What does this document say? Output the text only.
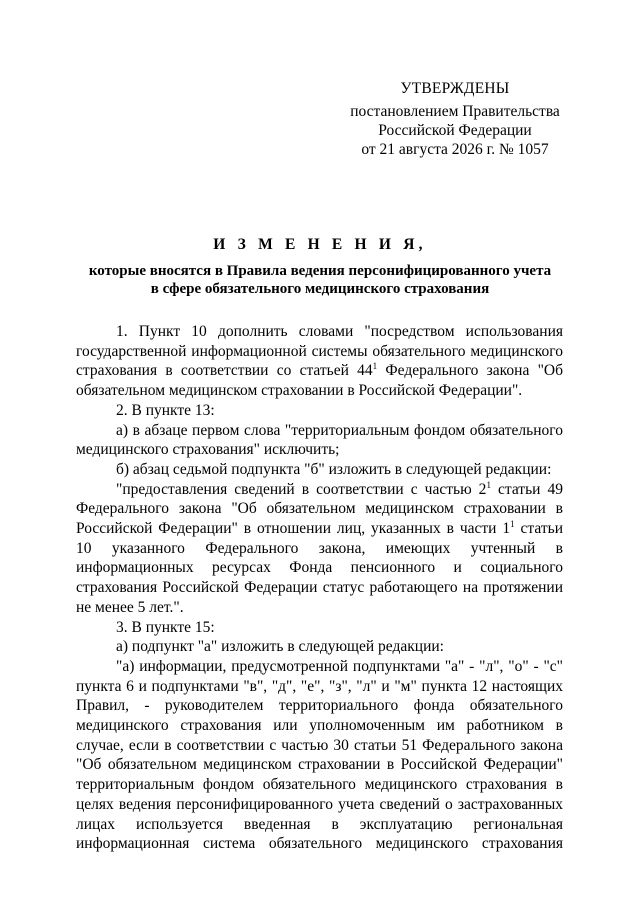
УТВЕРЖДЕНЫ
постановлением Правительства
Российской Федерации
от 21 августа 2026 г. № 1057
И З М Е Н Е Н И Я,
которые вносятся в Правила ведения персонифицированного учета
в сфере обязательного медицинского страхования

1. Пункт 10 дополнить словами "посредством использования государственной информационной системы обязательного медицинского страхования в соответствии со статьей $44^1$ Федерального закона "Об обязательном медицинском страховании в Российской Федерации".

2. В пункте 13:

а) в абзаце первом слова "территориальным фондом обязательного медицинского страхования" исключить;

б) абзац седьмой подпункта "б" изложить в следующей редакции:

"предоставления сведений в соответствии с частью $2^1$ статьи 49 Федерального закона "Об обязательном медицинском страховании в Российской Федерации" в отношении лиц, указанных в части $1^1$ статьи 10 указанного Федерального закона, имеющих учтенный в информационных ресурсах Фонда пенсионного и социального страхования Российской Федерации статус работающего на протяжении не менее 5 лет.".

3. В пункте 15:

а) подпункт "а" изложить в следующей редакции:

"а) информации, предусмотренной подпунктами "а" - "л", "о" - "с" пункта 6 и подпунктами "в", "д", "е", "з", "л" и "м" пункта 12 настоящих Правил, - руководителем территориального фонда обязательного медицинского страхования или уполномоченным им работником в случае, если в соответствии с частью 30 статьи 51 Федерального закона "Об обязательном медицинском страховании в Российской Федерации" территориальным фондом обязательного медицинского страхования в целях ведения персонифицированного учета сведений о застрахованных лицах используется введенная в эксплуатацию региональная информационная система обязательного медицинского страхования
